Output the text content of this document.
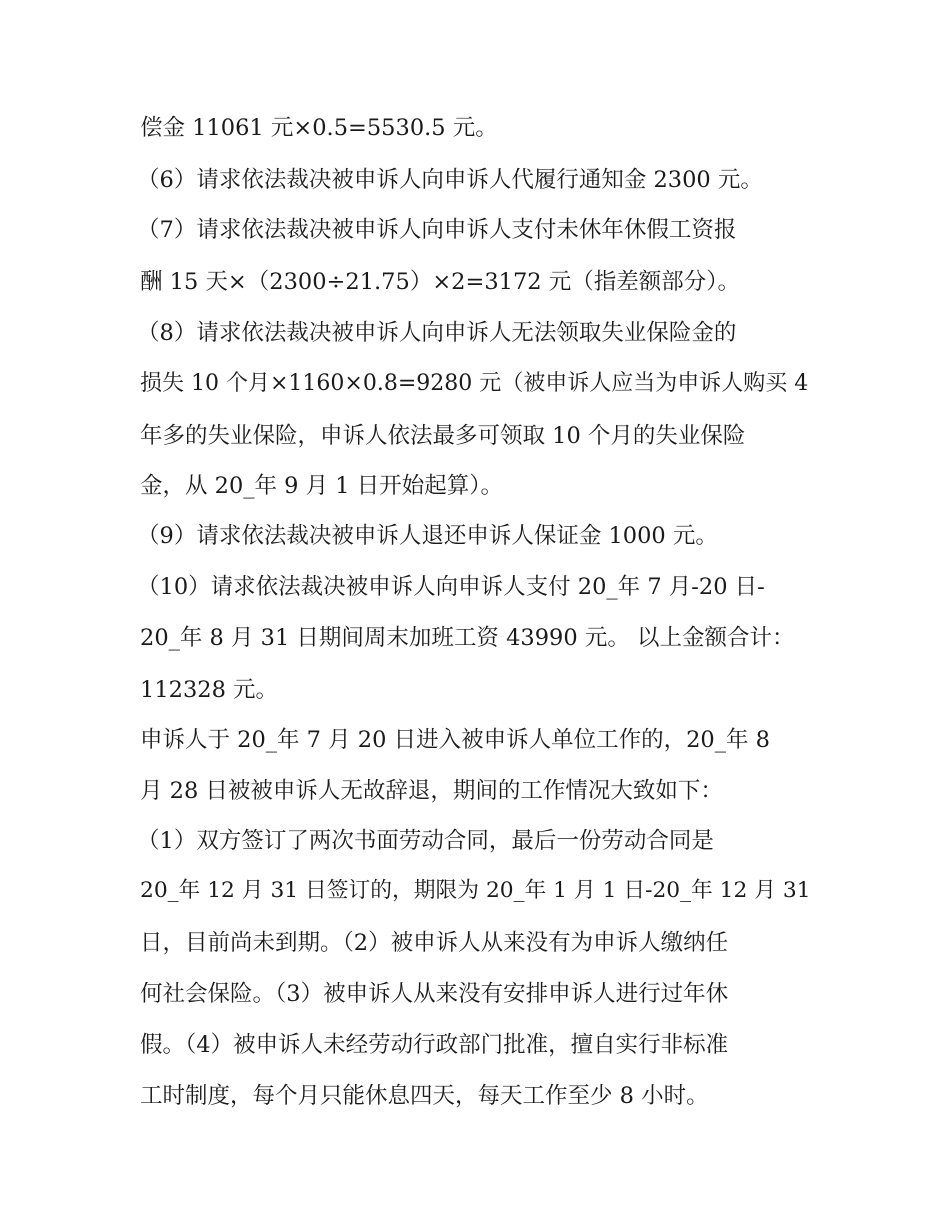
偿金 11061 元×0.5=5530.5 元。
（6）请求依法裁决被申诉人向申诉人代履行通知金 2300 元。
（7）请求依法裁决被申诉人向申诉人支付未休年休假工资报
酬 15 天×（2300÷21.75）×2=3172 元（指差额部分）。
（8）请求依法裁决被申诉人向申诉人无法领取失业保险金的
损失 10 个月×1160×0.8=9280 元（被申诉人应当为申诉人购买 4
年多的失业保险，申诉人依法最多可领取 10 个月的失业保险
金，从 20_年 9 月 1 日开始起算）。
（9）请求依法裁决被申诉人退还申诉人保证金 1000 元。
（10）请求依法裁决被申诉人向申诉人支付 20_年 7 月-20 日-
20_年 8 月 31 日期间周末加班工资 43990 元。 以上金额合计：
112328 元。
申诉人于 20_年 7 月 20 日进入被申诉人单位工作的，20_年 8
月 28 日被被申诉人无故辞退，期间的工作情况大致如下：
（1）双方签订了两次书面劳动合同，最后一份劳动合同是
20_年 12 月 31 日签订的，期限为 20_年 1 月 1 日-20_年 12 月 31
日，目前尚未到期。（2）被申诉人从来没有为申诉人缴纳任
何社会保险。（3）被申诉人从来没有安排申诉人进行过年休
假。（4）被申诉人未经劳动行政部门批准，擅自实行非标准
工时制度，每个月只能休息四天，每天工作至少 8 小时。
